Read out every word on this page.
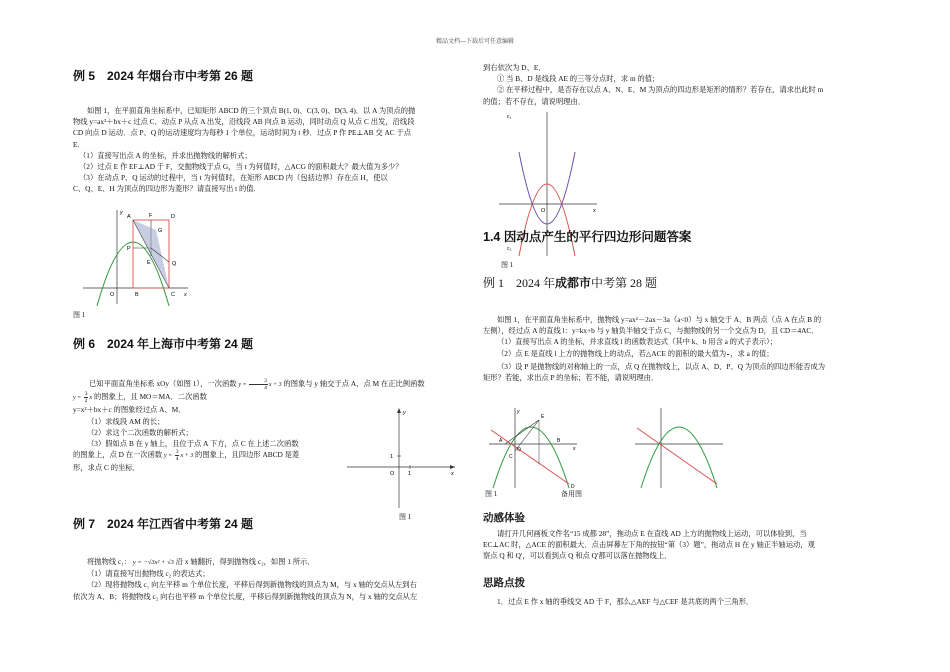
精品文档---下载后可任意编辑
例 5　2024 年烟台市中考第 26 题

如图 1，在平面直角坐标系中，已知矩形 ABCD 的三个顶点 B(1, 0)、C(3, 0)、D(3, 4)．以 A 为顶点的抛

物线 y=ax²＋bx＋c 过点 C．动点 P 从点 A 出发，沿线段 AB 向点 B 运动，同时动点 Q 从点 C 出发，沿线段

CD 向点 D 运动．点 P、Q 的运动速度均为每秒 1 个单位，运动时间为 t 秒．过点 P 作 PE⊥AB 交 AC 于点

E.

（1）直接写出点 A 的坐标，并求出抛物线的解析式；

（2）过点 E 作 EF⊥AD 于 F，交抛物线于点 G，当 t 为何值时，△ACG 的面积最大？最大值为多少？

（3）在动点 P、Q 运动的过程中，当 t 为何值时，在矩形 ABCD 内（包括边界）存在点 H，使以

C、Q、E、H 为顶点的四边形为菱形？请直接写出 t 的值.

A	F	D
G
P
E	Q
O	B	C x
y

图 1

例 6　2024 年上海市中考第 24 题

已知平面直角坐标系 xOy（如图 1），一次函数 $y = \frac{3}{4}$ x + 3 的图象与 y 轴交于点 A，点 M 在正比例函数

$y = \frac{3}{2}$ x 的图象上，且 MO＝MA．二次函数

y=x²＋bx＋c 的图象经过点 A、M．

（1）求线段 AM 的长；

（2）求这个二次函数的解析式；

（3）假如点 B 在 y 轴上，且位于点 A 下方，点 C 在上述二次函数

的图象上，点 D 在一次函数 $y = \frac{3}{4}$ x + 3 的图象上，且四边形 ABCD 是菱

形，求点 C 的坐标．

y
x
1
1
O

图 1

例 7　2024 年江西省中考第 24 题

将抛物线 c₁： y = −√3x² + √3 沿 x 轴翻折，得到抛物线 c₂，如图 1 所示．

（1）请直接写出抛物线 c₂ 的表达式；

（2）现将抛物线 c₁ 向左平移 m 个单位长度，平移后得到新抛物线的顶点为 M，与 x 轴的交点从左到右

依次为 A、B；将抛物线 c₂ 向右也平移 m 个单位长度，平移后得到新抛物线的顶点为 N，与 x 轴的交点从左

到右依次为 D、E．

① 当 B、D 是线段 AE 的三等分点时，求 m 的值；

② 在平移过程中，是否存在以点 A、N、E、M 为顶点的四边形是矩形的情形？若存在，请求出此时 m

的值；若不存在，请说明理由．

c₁
c₂
x
O

图 1

1.4 因动点产生的平行四边形问题答案
例 1　2024 年成都市中考第 28 题

如图 1，在平面直角坐标系中，抛物线 y=ax²－2ax－3a（a<0）与 x 轴交于 A、B 两点（点 A 在点 B 的

左侧），经过点 A 的直线 l：y=kx+b 与 y 轴负半轴交于点 C，与抛物线的另一个交点为 D，且 CD＝4AC．

（1）直接写出点 A 的坐标，并求直线 l 的函数表达式（其中 k、b 用含 a 的式子表示）；

（2）点 E 是直线 l 上方的抛物线上的动点，若△ACE 的面积的最大值为 ，求 a 的值；

（3）设 P 是抛物线的对称轴上的一点，点 Q 在抛物线上，以点 A、D、P、Q 为顶点的四边形能否成为

矩形？若能，求出点 P 的坐标；若不能，请说明理由．

A	B
C
D
E
O	x
y

图 1	备用图

动感体验

请打开几何画板文件名“15 成都 28”，拖动点 E 在直线 AD 上方的抛物线上运动，可以体验到，当

EC⊥AC 时，△ACE 的面积最大．点击屏幕左下角的按钮“第（3）题”，拖动点 H 在 y 轴正半轴运动，观

察点 Q 和 Q′，可以看到点 Q 和点 Q′都可以落在抛物线上．

思路点拨

1．过点 E 作 x 轴的垂线交 AD 于 F，那么△AEF 与△CEF 是共底的两个三角形．
